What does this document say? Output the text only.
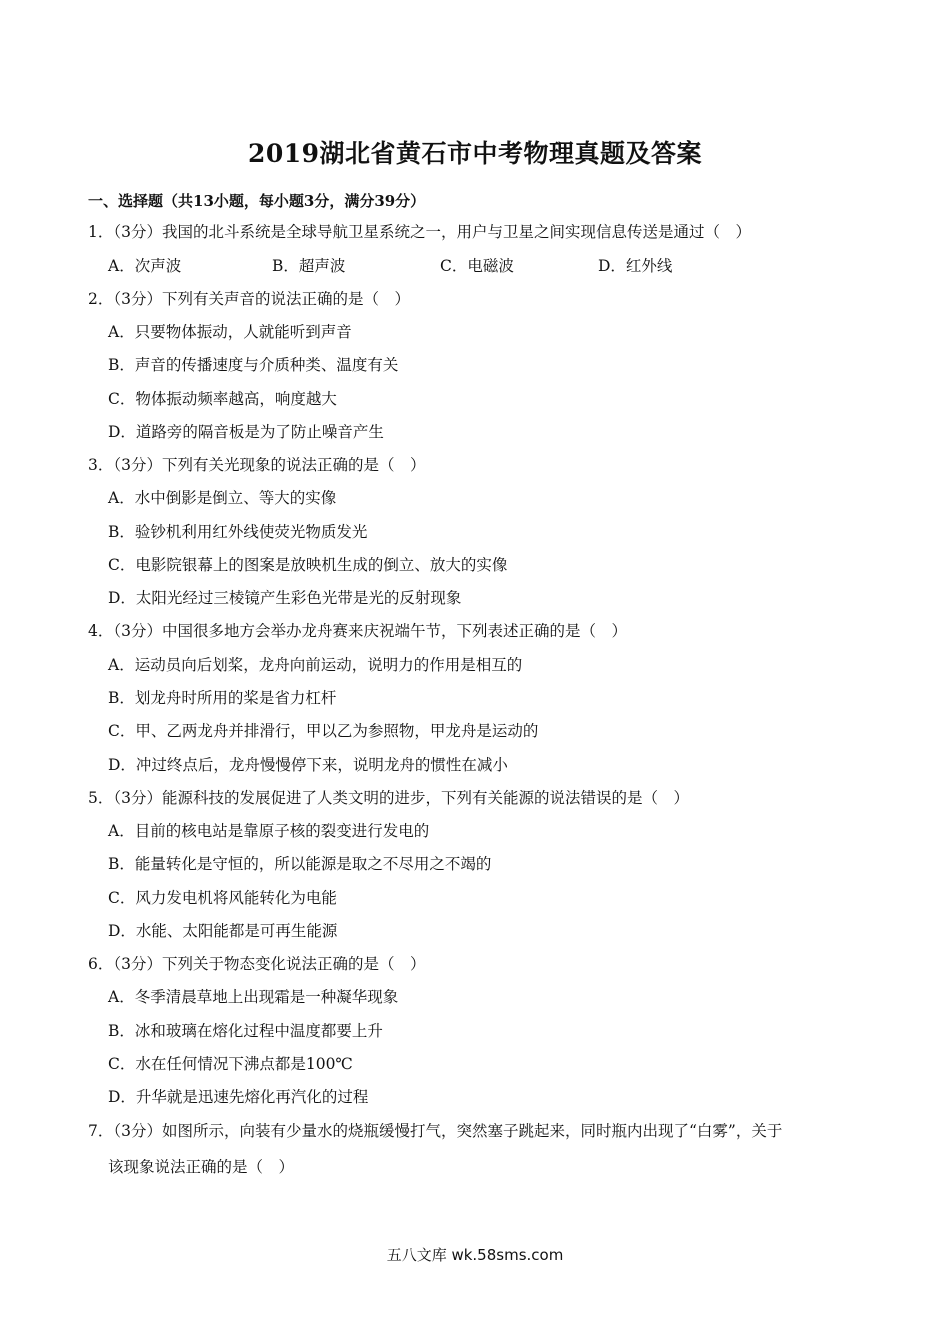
2019湖北省黄石市中考物理真题及答案
一、选择题（共13小题，每小题3分，满分39分）
1．（3分）我国的北斗系统是全球导航卫星系统之一，用户与卫星之间实现信息传送是通过（　）
A．次声波	B．超声波	C．电磁波	D．红外线
2．（3分）下列有关声音的说法正确的是（　）
A．只要物体振动，人就能听到声音
B．声音的传播速度与介质种类、温度有关
C．物体振动频率越高，响度越大
D．道路旁的隔音板是为了防止噪音产生
3．（3分）下列有关光现象的说法正确的是（　）
A．水中倒影是倒立、等大的实像
B．验钞机利用红外线使荧光物质发光
C．电影院银幕上的图案是放映机生成的倒立、放大的实像
D．太阳光经过三棱镜产生彩色光带是光的反射现象
4．（3分）中国很多地方会举办龙舟赛来庆祝端午节，下列表述正确的是（　）
A．运动员向后划桨，龙舟向前运动，说明力的作用是相互的
B．划龙舟时所用的桨是省力杠杆
C．甲、乙两龙舟并排滑行，甲以乙为参照物，甲龙舟是运动的
D．冲过终点后，龙舟慢慢停下来，说明龙舟的惯性在减小
5．（3分）能源科技的发展促进了人类文明的进步，下列有关能源的说法错误的是（　）
A．目前的核电站是靠原子核的裂变进行发电的
B．能量转化是守恒的，所以能源是取之不尽用之不竭的
C．风力发电机将风能转化为电能
D．水能、太阳能都是可再生能源
6．（3分）下列关于物态变化说法正确的是（　）
A．冬季清晨草地上出现霜是一种凝华现象
B．冰和玻璃在熔化过程中温度都要上升
C．水在任何情况下沸点都是100℃
D．升华就是迅速先熔化再汽化的过程
7．（3分）如图所示，向装有少量水的烧瓶缓慢打气，突然塞子跳起来，同时瓶内出现了“白雾”，关于
该现象说法正确的是（　）
五八文库 wk.58sms.com
